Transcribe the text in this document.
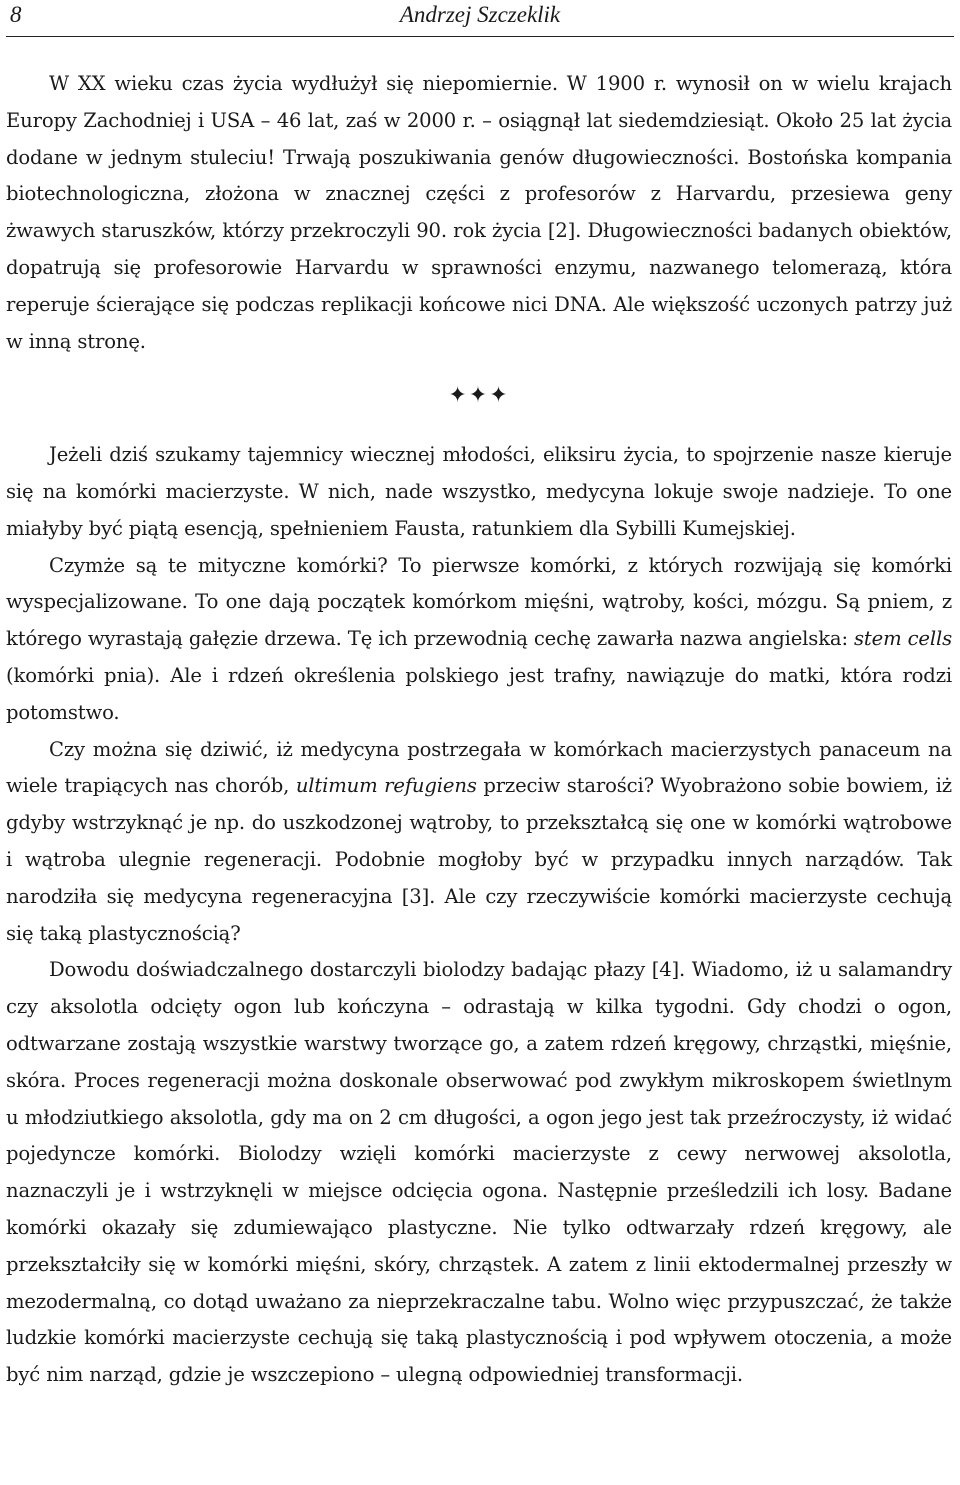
8	Andrzej Szczeklik

W XX wieku czas życia wydłużył się niepomiernie. W 1900 r. wynosił on w wielu krajach Europy Zachodniej i USA – 46 lat, zaś w 2000 r. – osiągnął lat siedemdziesiąt. Około 25 lat życia dodane w jednym stuleciu! Trwają poszukiwania genów długowieczności. Bostońska kompania biotechnologiczna, złożona w znacznej części z profesorów z Harvardu, przesiewa geny żwawych staruszków, którzy przekroczyli 90. rok życia [2]. Długowieczności badanych obiektów, dopatrują się profesorowie Harvardu w sprawności enzymu, nazwanego telomerazą, która reperuje ścierające się podczas replikacji końcowe nici DNA. Ale większość uczonych patrzy już w inną stronę.

✦✦✦

Jeżeli dziś szukamy tajemnicy wiecznej młodości, eliksiru życia, to spojrzenie nasze kieruje się na komórki macierzyste. W nich, nade wszystko, medycyna lokuje swoje nadzieje. To one miałyby być piątą esencją, spełnieniem Fausta, ratunkiem dla Sybilli Kumejskiej.

Czymże są te mityczne komórki? To pierwsze komórki, z których rozwijają się komórki wyspecjalizowane. To one dają początek komórkom mięśni, wątroby, kości, mózgu. Są pniem, z którego wyrastają gałęzie drzewa. Tę ich przewodnią cechę zawarła nazwa angielska: stem cells (komórki pnia). Ale i rdzeń określenia polskiego jest trafny, nawiązuje do matki, która rodzi potomstwo.

Czy można się dziwić, iż medycyna postrzegała w komórkach macierzystych panaceum na wiele trapiących nas chorób, ultimum refugiens przeciw starości? Wyobrażono sobie bowiem, iż gdyby wstrzyknąć je np. do uszkodzonej wątroby, to przekształcą się one w komórki wątrobowe i wątroba ulegnie regeneracji. Podobnie mogłoby być w przypadku innych narządów. Tak narodziła się medycyna regeneracyjna [3]. Ale czy rzeczywiście komórki macierzyste cechują się taką plastycznością?

Dowodu doświadczalnego dostarczyli biolodzy badając płazy [4]. Wiadomo, iż u salamandry czy aksolotla odcięty ogon lub kończyna – odrastają w kilka tygodni. Gdy chodzi o ogon, odtwarzane zostają wszystkie warstwy tworzące go, a zatem rdzeń kręgowy, chrząstki, mięśnie, skóra. Proces regeneracji można doskonale obserwować pod zwykłym mikroskopem świetlnym u młodziutkiego aksolotla, gdy ma on 2 cm długości, a ogon jego jest tak przeźroczysty, iż widać pojedyncze komórki. Biolodzy wzięli komórki macierzyste z cewy nerwowej aksolotla, naznaczyli je i wstrzyknęli w miejsce odcięcia ogona. Następnie prześledzili ich losy. Badane komórki okazały się zdumiewająco plastyczne. Nie tylko odtwarzały rdzeń kręgowy, ale przekształciły się w komórki mięśni, skóry, chrząstek. A zatem z linii ektodermalnej przeszły w mezodermalną, co dotąd uważano za nieprzekraczalne tabu. Wolno więc przypuszczać, że także ludzkie komórki macierzyste cechują się taką plastycznością i pod wpływem otoczenia, a może być nim narząd, gdzie je wszczepiono – ulegną odpowiedniej transformacji.
